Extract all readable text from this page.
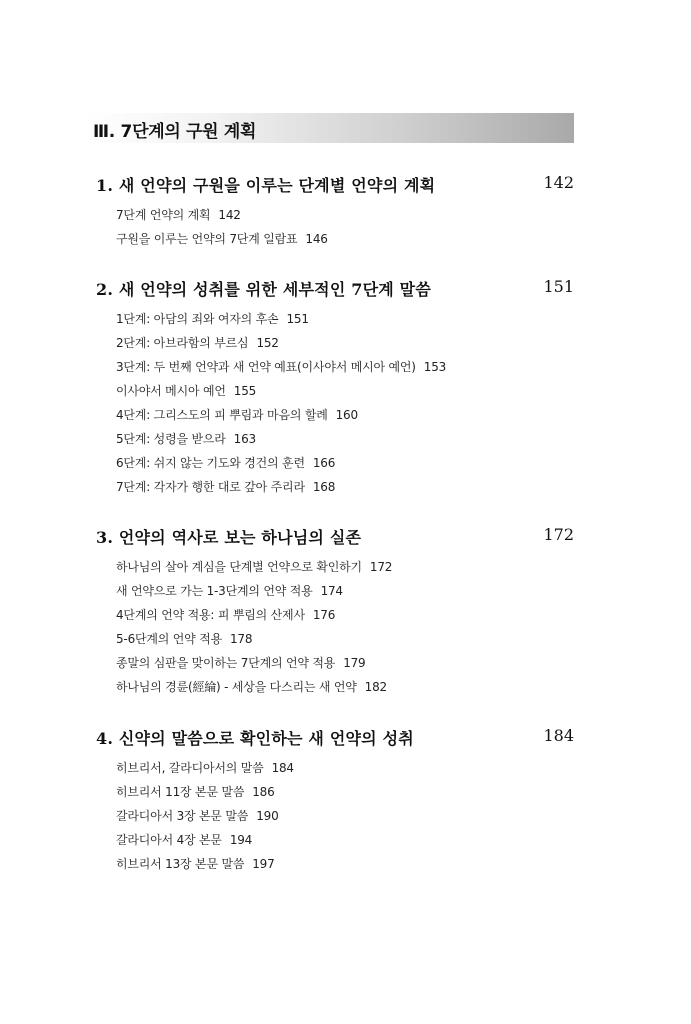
Ⅲ. 7단계의 구원 계획
1. 새 언약의 구원을 이루는 단계별 언약의 계획	142
7단계 언약의 계획 142
구원을 이루는 언약의 7단계 일람표 146
2. 새 언약의 성취를 위한 세부적인 7단계 말씀	151
1단계: 아담의 죄와 여자의 후손 151
2단계: 아브라함의 부르심 152
3단계: 두 번째 언약과 새 언약 예표(이사야서 메시아 예언) 153
이사야서 메시아 예언 155
4단계: 그리스도의 피 뿌림과 마음의 할례 160
5단계: 성령을 받으라 163
6단계: 쉬지 않는 기도와 경건의 훈련 166
7단계: 각자가 행한 대로 갚아 주리라 168
3. 언약의 역사로 보는 하나님의 실존	172
하나님의 살아 계심을 단계별 언약으로 확인하기 172
새 언약으로 가는 1-3단계의 언약 적용 174
4단계의 언약 적용: 피 뿌림의 산제사 176
5-6단계의 언약 적용 178
종말의 심판을 맞이하는 7단계의 언약 적용 179
하나님의 경륜(經綸) - 세상을 다스리는 새 언약 182
4. 신약의 말씀으로 확인하는 새 언약의 성취	184
히브리서, 갈라디아서의 말씀 184
히브리서 11장 본문 말씀 186
갈라디아서 3장 본문 말씀 190
갈라디아서 4장 본문 194
히브리서 13장 본문 말씀 197
